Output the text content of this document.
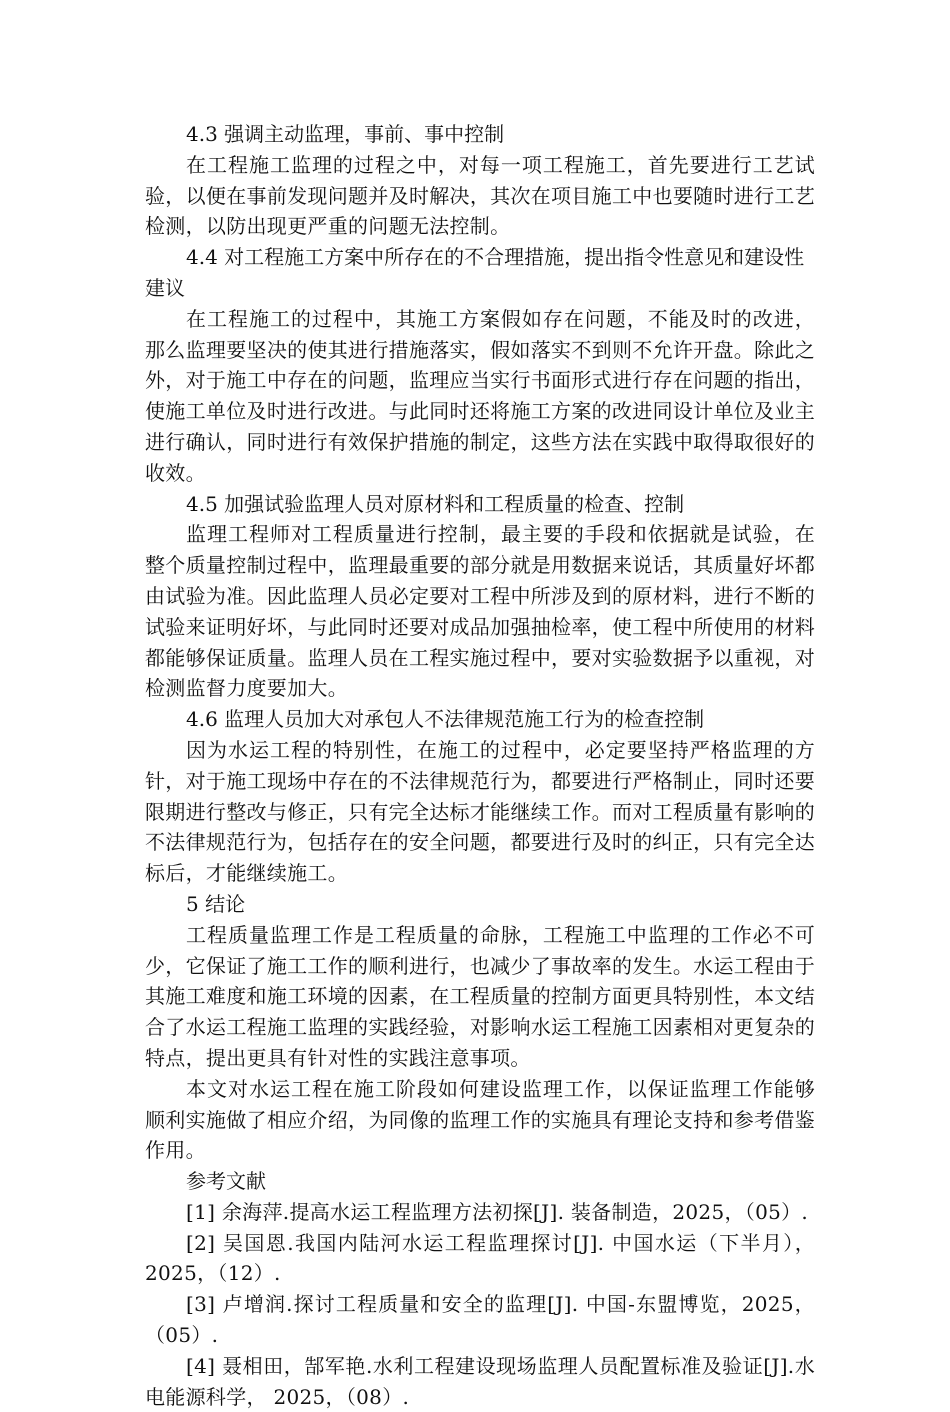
4.3 强调主动监理，事前、事中控制

在工程施工监理的过程之中，对每一项工程施工，首先要进行工艺试验，以便在事前发现问题并及时解决，其次在项目施工中也要随时进行工艺检测，以防出现更严重的问题无法控制。

4.4 对工程施工方案中所存在的不合理措施，提出指令性意见和建设性建议

在工程施工的过程中，其施工方案假如存在问题，不能及时的改进，那么监理要坚决的使其进行措施落实，假如落实不到则不允许开盘。除此之外，对于施工中存在的问题，监理应当实行书面形式进行存在问题的指出，使施工单位及时进行改进。与此同时还将施工方案的改进同设计单位及业主进行确认，同时进行有效保护措施的制定，这些方法在实践中取得取很好的收效。

4.5 加强试验监理人员对原材料和工程质量的检查、控制

监理工程师对工程质量进行控制，最主要的手段和依据就是试验，在整个质量控制过程中，监理最重要的部分就是用数据来说话，其质量好坏都由试验为准。因此监理人员必定要对工程中所涉及到的原材料，进行不断的试验来证明好坏，与此同时还要对成品加强抽检率，使工程中所使用的材料都能够保证质量。监理人员在工程实施过程中，要对实验数据予以重视，对检测监督力度要加大。

4.6 监理人员加大对承包人不法律规范施工行为的检查控制

因为水运工程的特别性，在施工的过程中，必定要坚持严格监理的方针，对于施工现场中存在的不法律规范行为，都要进行严格制止，同时还要限期进行整改与修正，只有完全达标才能继续工作。而对工程质量有影响的不法律规范行为，包括存在的安全问题，都要进行及时的纠正，只有完全达标后，才能继续施工。

5 结论

工程质量监理工作是工程质量的命脉，工程施工中监理的工作必不可少，它保证了施工工作的顺利进行，也减少了事故率的发生。水运工程由于其施工难度和施工环境的因素，在工程质量的控制方面更具特别性，本文结合了水运工程施工监理的实践经验，对影响水运工程施工因素相对更复杂的特点，提出更具有针对性的实践注意事项。

本文对水运工程在施工阶段如何建设监理工作，以保证监理工作能够顺利实施做了相应介绍，为同像的监理工作的实施具有理论支持和参考借鉴作用。

参考文献

[1] 余海萍.提高水运工程监理方法初探[J]. 装备制造，2025，（05）.

[2] 吴国恩.我国内陆河水运工程监理探讨[J]. 中国水运（下半月），2025，（12）.

[3] 卢增润.探讨工程质量和安全的监理[J]. 中国-东盟博览，2025，（05）.

[4] 聂相田，郜军艳.水利工程建设现场监理人员配置标准及验证[J].水电能源科学， 2025，（08）.
